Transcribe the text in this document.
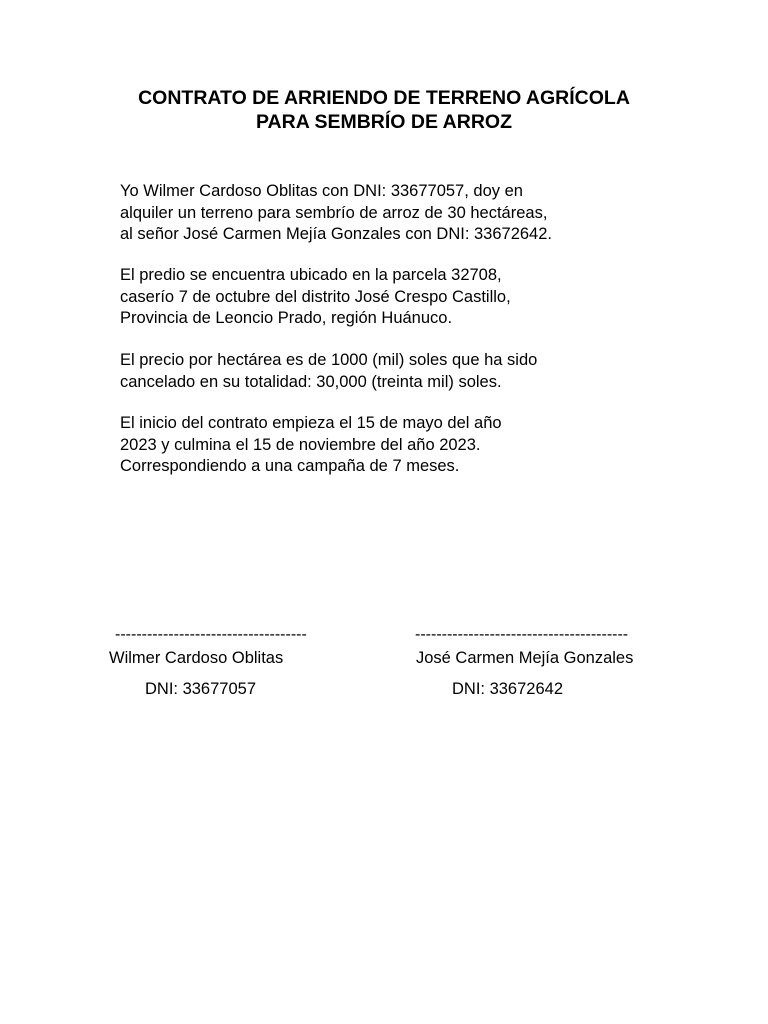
CONTRATO DE ARRIENDO DE TERRENO AGRÍCOLA
PARA SEMBRÍO DE ARROZ
Yo Wilmer Cardoso Oblitas con DNI: 33677057, doy en
alquiler un terreno para sembrío de arroz de 30 hectáreas,
al señor José Carmen Mejía Gonzales con DNI: 33672642.
El predio se encuentra ubicado en la parcela 32708,
caserío 7 de octubre del distrito José Crespo Castillo,
Provincia de Leoncio Prado, región Huánuco.
El precio por hectárea es de 1000 (mil) soles que ha sido
cancelado en su totalidad: 30,000 (treinta mil) soles.
El inicio del contrato empieza el 15 de mayo del año
2023 y culmina el 15 de noviembre del año 2023.
Correspondiendo a una campaña de 7 meses.
------------------------------------
Wilmer Cardoso Oblitas
DNI: 33677057
----------------------------------------
José Carmen Mejía Gonzales
DNI: 33672642
